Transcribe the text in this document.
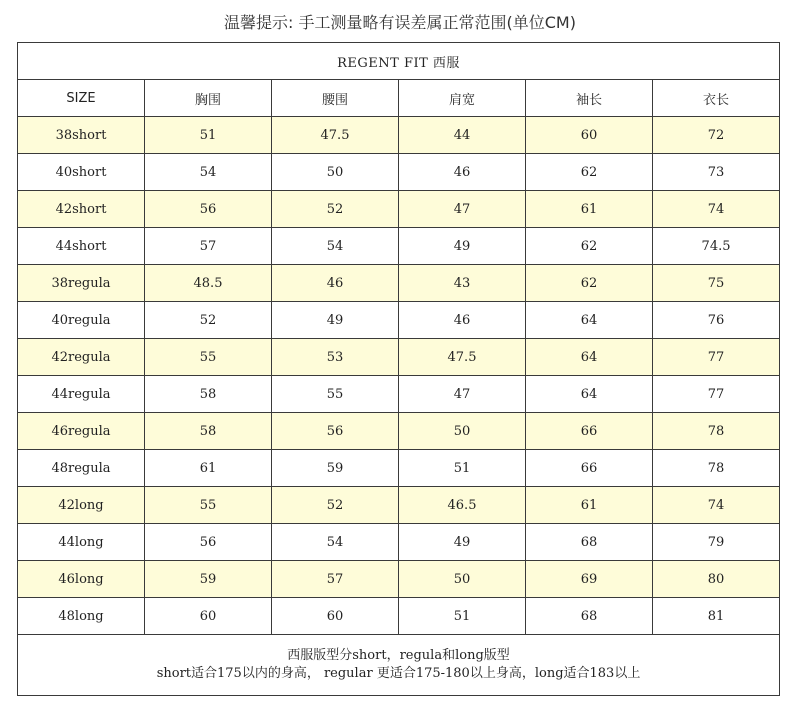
温馨提示: 手工测量略有误差属正常范围(单位CM)
REGENT FIT 西服					
SIZE	胸围	腰围	肩宽	袖长	衣长
38short	51	47.5	44	60	72
40short	54	50	46	62	73
42short	56	52	47	61	74
44short	57	54	49	62	74.5
38regula	48.5	46	43	62	75
40regula	52	49	46	64	76
42regula	55	53	47.5	64	77
44regula	58	55	47	64	77
46regula	58	56	50	66	78
48regula	61	59	51	66	78
42long	55	52	46.5	61	74
44long	56	54	49	68	79
46long	59	57	50	69	80
48long	60	60	51	68	81

西服版型分short，regula和long版型
short适合175以内的身高， regular 更适合175-180以上身高，long适合183以上					
